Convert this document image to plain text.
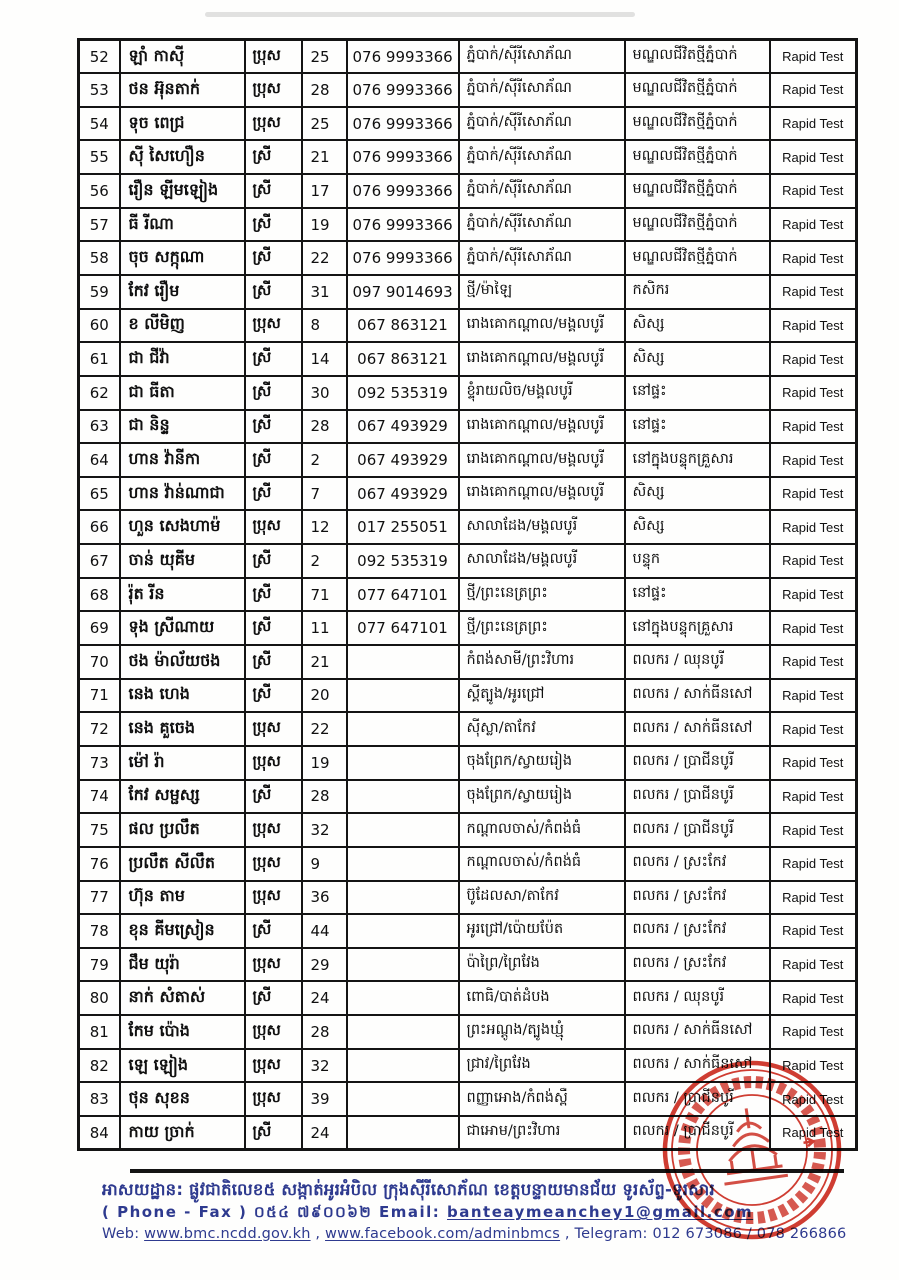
52	ឡាំ កាស៊ី	ប្រុស	25	076 9993366	ភ្នំបាក់/ស៊ីរីសោភ័ណ	មណ្ឌលជីវិតថ្មីភ្នំបាក់	Rapid Test
53	ថន អ៊ុនតាក់	ប្រុស	28	076 9993366	ភ្នំបាក់/ស៊ីរីសោភ័ណ	មណ្ឌលជីវិតថ្មីភ្នំបាក់	Rapid Test
54	ទុច ពេជ្រ	ប្រុស	25	076 9993366	ភ្នំបាក់/ស៊ីរីសោភ័ណ	មណ្ឌលជីវិតថ្មីភ្នំបាក់	Rapid Test
55	ស៊ី សៃហឿន	ស្រី	21	076 9993366	ភ្នំបាក់/ស៊ីរីសោភ័ណ	មណ្ឌលជីវិតថ្មីភ្នំបាក់	Rapid Test
56	រឿន ឡីមឡៀង	ស្រី	17	076 9993366	ភ្នំបាក់/ស៊ីរីសោភ័ណ	មណ្ឌលជីវិតថ្មីភ្នំបាក់	Rapid Test
57	ធី រីណា	ស្រី	19	076 9993366	ភ្នំបាក់/ស៊ីរីសោភ័ណ	មណ្ឌលជីវិតថ្មីភ្នំបាក់	Rapid Test
58	ចុច សក្កុណា	ស្រី	22	076 9993366	ភ្នំបាក់/ស៊ីរីសោភ័ណ	មណ្ឌលជីវិតថ្មីភ្នំបាក់	Rapid Test
59	កែវ រឿម	ស្រី	31	097 9014693	ថ្មី/ម៉ាឡៃ	កសិករ	Rapid Test
60	ខ លីមិញ	ប្រុស	8	067 863121	រោងគោកណ្តាល/មង្គលបូរី	សិស្ស	Rapid Test
61	ជា ជីវ៉ា	ស្រី	14	067 863121	រោងគោកណ្តាល/មង្គលបូរី	សិស្ស	Rapid Test
62	ជា ធីតា	ស្រី	30	092 535319	ខ្ទុំរាយលិច/មង្គលបូរី	នៅផ្ទះ	Rapid Test
63	ជា និន្ទ	ស្រី	28	067 493929	រោងគោកណ្តាល/មង្គលបូរី	នៅផ្ទះ	Rapid Test
64	ហាន វ៉ានីកា	ស្រី	2	067 493929	រោងគោកណ្តាល/មង្គលបូរី	នៅក្នុងបន្ទុកគ្រួសារ	Rapid Test
65	ហាន វ៉ាន់ណាជា	ស្រី	7	067 493929	រោងគោកណ្តាល/មង្គលបូរី	សិស្ស	Rapid Test
66	ហួន សេងហាម៉	ប្រុស	12	017 255051	សាលាដែង/មង្គលបូរី	សិស្ស	Rapid Test
67	ចាន់ យុគីម	ស្រី	2	092 535319	សាលាដែង/មង្គលបូរី	បន្ទុក	Rapid Test
68	រ៉ុត រីន	ស្រី	71	077 647101	ថ្មី/ព្រះនេត្រព្រះ	នៅផ្ទះ	Rapid Test
69	ទុង ស្រីណាយ	ស្រី	11	077 647101	ថ្មី/ព្រះនេត្រព្រះ	នៅក្នុងបន្ទុកគ្រួសារ	Rapid Test
70	ថង ម៉ាល័យថង	ស្រី	21		កំពង់សាមី/ព្រះវិហារ	ពលករ / ឈុនបូរី	Rapid Test
71	នេង ហេង	ស្រី	20		ស្គីត្បូង/អូរជ្រៅ	ពលករ / សាក់ធីនសៅ	Rapid Test
72	នេង គួចេង	ប្រុស	22		ស៊ីស្លា/តាកែវ	ពលករ / សាក់ធីនសៅ	Rapid Test
73	ម៉ៅ រ៉ា	ប្រុស	19		ចុងព្រែក/ស្វាយរៀង	ពលករ / ប្រាជីនបូរី	Rapid Test
74	កែវ សម្ផស្ស	ស្រី	28		ចុងព្រែក/ស្វាយរៀង	ពលករ / ប្រាជីនបូរី	Rapid Test
75	ផល ប្រលឹត	ប្រុស	32		កណ្តាលចាស់/កំពង់ធំ	ពលករ / ប្រាជីនបូរី	Rapid Test
76	ប្រលឹត សីលឹត	ប្រុស	9		កណ្តាលចាស់/កំពង់ធំ	ពលករ / ស្រះកែវ	Rapid Test
77	ហ៊ុន តាម	ប្រុស	36		ប៊ូដែលសា/តាកែវ	ពលករ / ស្រះកែវ	Rapid Test
78	ខុន គីមស្រៀន	ស្រី	44		អូរជ្រៅ/ប៉ោយប៉ែត	ពលករ / ស្រះកែវ	Rapid Test
79	ជឹម យុរ៉ា	ប្រុស	29		ប៉ាព្រៃ/ព្រៃវែង	ពលករ / ស្រះកែវ	Rapid Test
80	នាក់ សំតាស់	ស្រី	24		ពោធិ/បាត់ដំបង	ពលករ / ឈុនបូរី	Rapid Test
81	កែម ប៉ោង	ប្រុស	28		ព្រះអណ្តូង/ត្បូងឃ្មុំ	ពលករ / សាក់ធីនសៅ	Rapid Test
82	ឡេ ឡៀង	ប្រុស	32		ជ្រាវ/ព្រៃវែង	ពលករ / សាក់ធីនសៅ	Rapid Test
83	ថុន សុខន	ប្រុស	39		ពញ្ញាអោង/កំពង់ស្ពឺ	ពលករ / ប្រាជីនបូរី	Rapid Test
84	កាយ ច្រាក់	ស្រី	24		ជាអោម/ព្រះវិហារ	ពលករ / ប្រាជីនបូរី	Rapid Test
អាសយដ្ឋាន: ផ្លូវជាតិលេខ៥ សង្កាត់អូរអំបិល ក្រុងស៊ីរីសោភ័ណ ខេត្តបន្ទាយមានជ័យ ទូរស័ព្ទ-ទូរសារ
( Phone - Fax ) ០៥៤ ៧៩០០៦២ Email: banteaymeanchey1@gmail.com
Web: www.bmc.ncdd.gov.kh , www.facebook.com/adminbmcs , Telegram: 012 673086 / 078 266866
